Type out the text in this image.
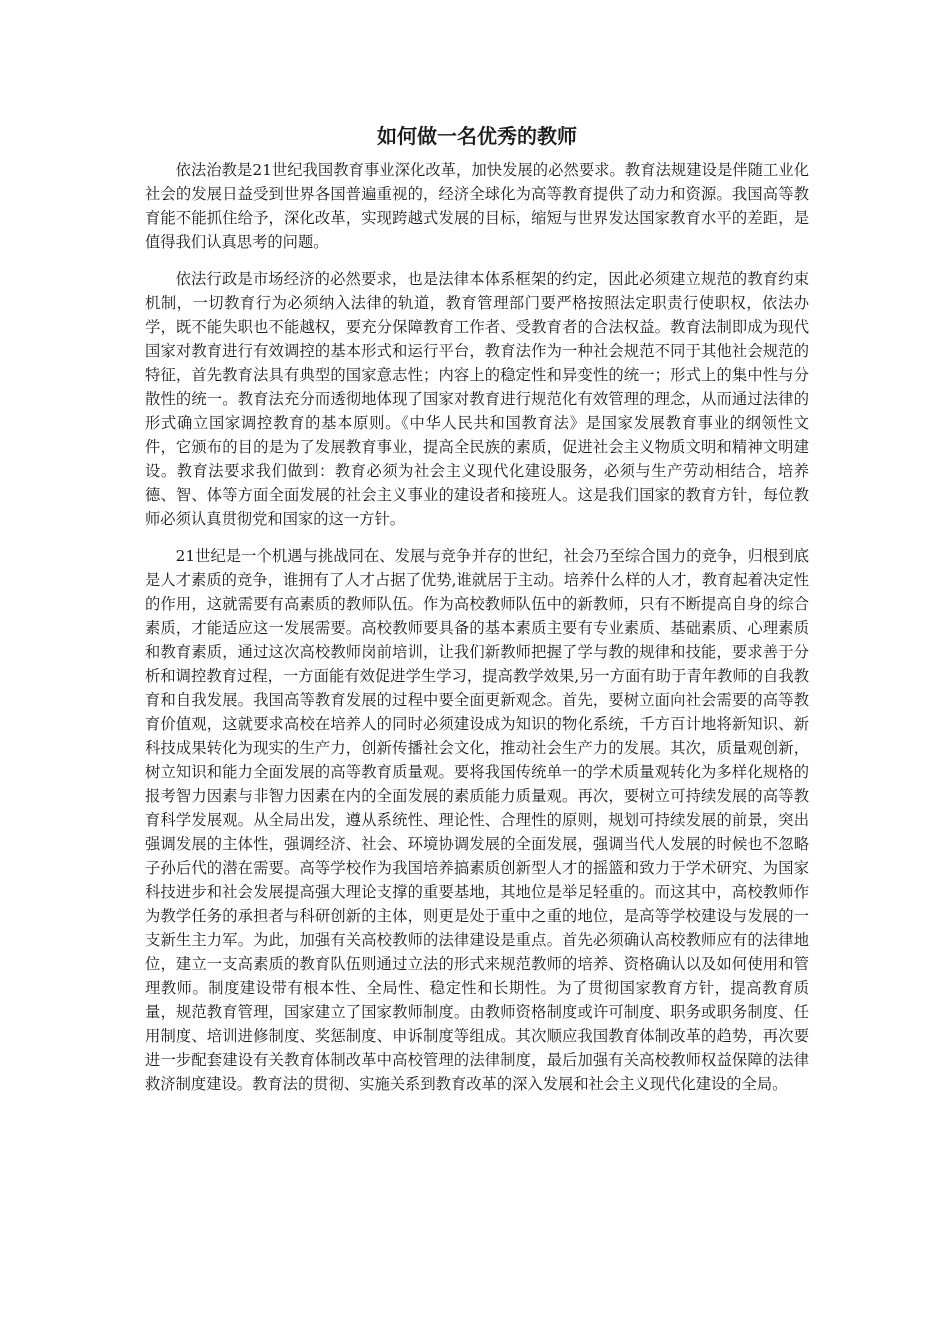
如何做一名优秀的教师

依法治教是21世纪我国教育事业深化改革，加快发展的必然要求。教育法规建设是伴随工业化社会的发展日益受到世界各国普遍重视的，经济全球化为高等教育提供了动力和资源。我国高等教育能不能抓住给予，深化改革，实现跨越式发展的目标，缩短与世界发达国家教育水平的差距，是值得我们认真思考的问题。

依法行政是市场经济的必然要求，也是法律本体系框架的约定，因此必须建立规范的教育约束机制，一切教育行为必须纳入法律的轨道，教育管理部门要严格按照法定职责行使职权，依法办学，既不能失职也不能越权，要充分保障教育工作者、受教育者的合法权益。教育法制即成为现代国家对教育进行有效调控的基本形式和运行平台，教育法作为一种社会规范不同于其他社会规范的特征，首先教育法具有典型的国家意志性；内容上的稳定性和异变性的统一；形式上的集中性与分散性的统一。教育法充分而透彻地体现了国家对教育进行规范化有效管理的理念，从而通过法律的形式确立国家调控教育的基本原则。《中华人民共和国教育法》是国家发展教育事业的纲领性文件，它颁布的目的是为了发展教育事业，提高全民族的素质，促进社会主义物质文明和精神文明建设。教育法要求我们做到：教育必须为社会主义现代化建设服务，必须与生产劳动相结合，培养德、智、体等方面全面发展的社会主义事业的建设者和接班人。这是我们国家的教育方针，每位教师必须认真贯彻党和国家的这一方针。

21世纪是一个机遇与挑战同在、发展与竞争并存的世纪，社会乃至综合国力的竞争，归根到底是人才素质的竞争，谁拥有了人才占据了优势,谁就居于主动。培养什么样的人才，教育起着决定性的作用，这就需要有高素质的教师队伍。作为高校教师队伍中的新教师，只有不断提高自身的综合素质，才能适应这一发展需要。高校教师要具备的基本素质主要有专业素质、基础素质、心理素质和教育素质，通过这次高校教师岗前培训，让我们新教师把握了学与教的规律和技能，要求善于分析和调控教育过程，一方面能有效促进学生学习，提高教学效果,另一方面有助于青年教师的自我教育和自我发展。我国高等教育发展的过程中要全面更新观念。首先，要树立面向社会需要的高等教育价值观，这就要求高校在培养人的同时必须建设成为知识的物化系统，千方百计地将新知识、新科技成果转化为现实的生产力，创新传播社会文化，推动社会生产力的发展。其次，质量观创新，树立知识和能力全面发展的高等教育质量观。要将我国传统单一的学术质量观转化为多样化规格的报考智力因素与非智力因素在内的全面发展的素质能力质量观。再次，要树立可持续发展的高等教育科学发展观。从全局出发，遵从系统性、理论性、合理性的原则，规划可持续发展的前景，突出强调发展的主体性，强调经济、社会、环境协调发展的全面发展，强调当代人发展的时候也不忽略子孙后代的潜在需要。高等学校作为我国培养搞素质创新型人才的摇篮和致力于学术研究、为国家科技进步和社会发展提高强大理论支撑的重要基地，其地位是举足轻重的。而这其中，高校教师作为教学任务的承担者与科研创新的主体，则更是处于重中之重的地位，是高等学校建设与发展的一支新生主力军。为此，加强有关高校教师的法律建设是重点。首先必须确认高校教师应有的法律地位，建立一支高素质的教育队伍则通过立法的形式来规范教师的培养、资格确认以及如何使用和管理教师。制度建设带有根本性、全局性、稳定性和长期性。为了贯彻国家教育方针，提高教育质量，规范教育管理，国家建立了国家教师制度。由教师资格制度或许可制度、职务或职务制度、任用制度、培训进修制度、奖惩制度、申诉制度等组成。其次顺应我国教育体制改革的趋势，再次要进一步配套建设有关教育体制改革中高校管理的法律制度，最后加强有关高校教师权益保障的法律救济制度建设。教育法的贯彻、实施关系到教育改革的深入发展和社会主义现代化建设的全局。
